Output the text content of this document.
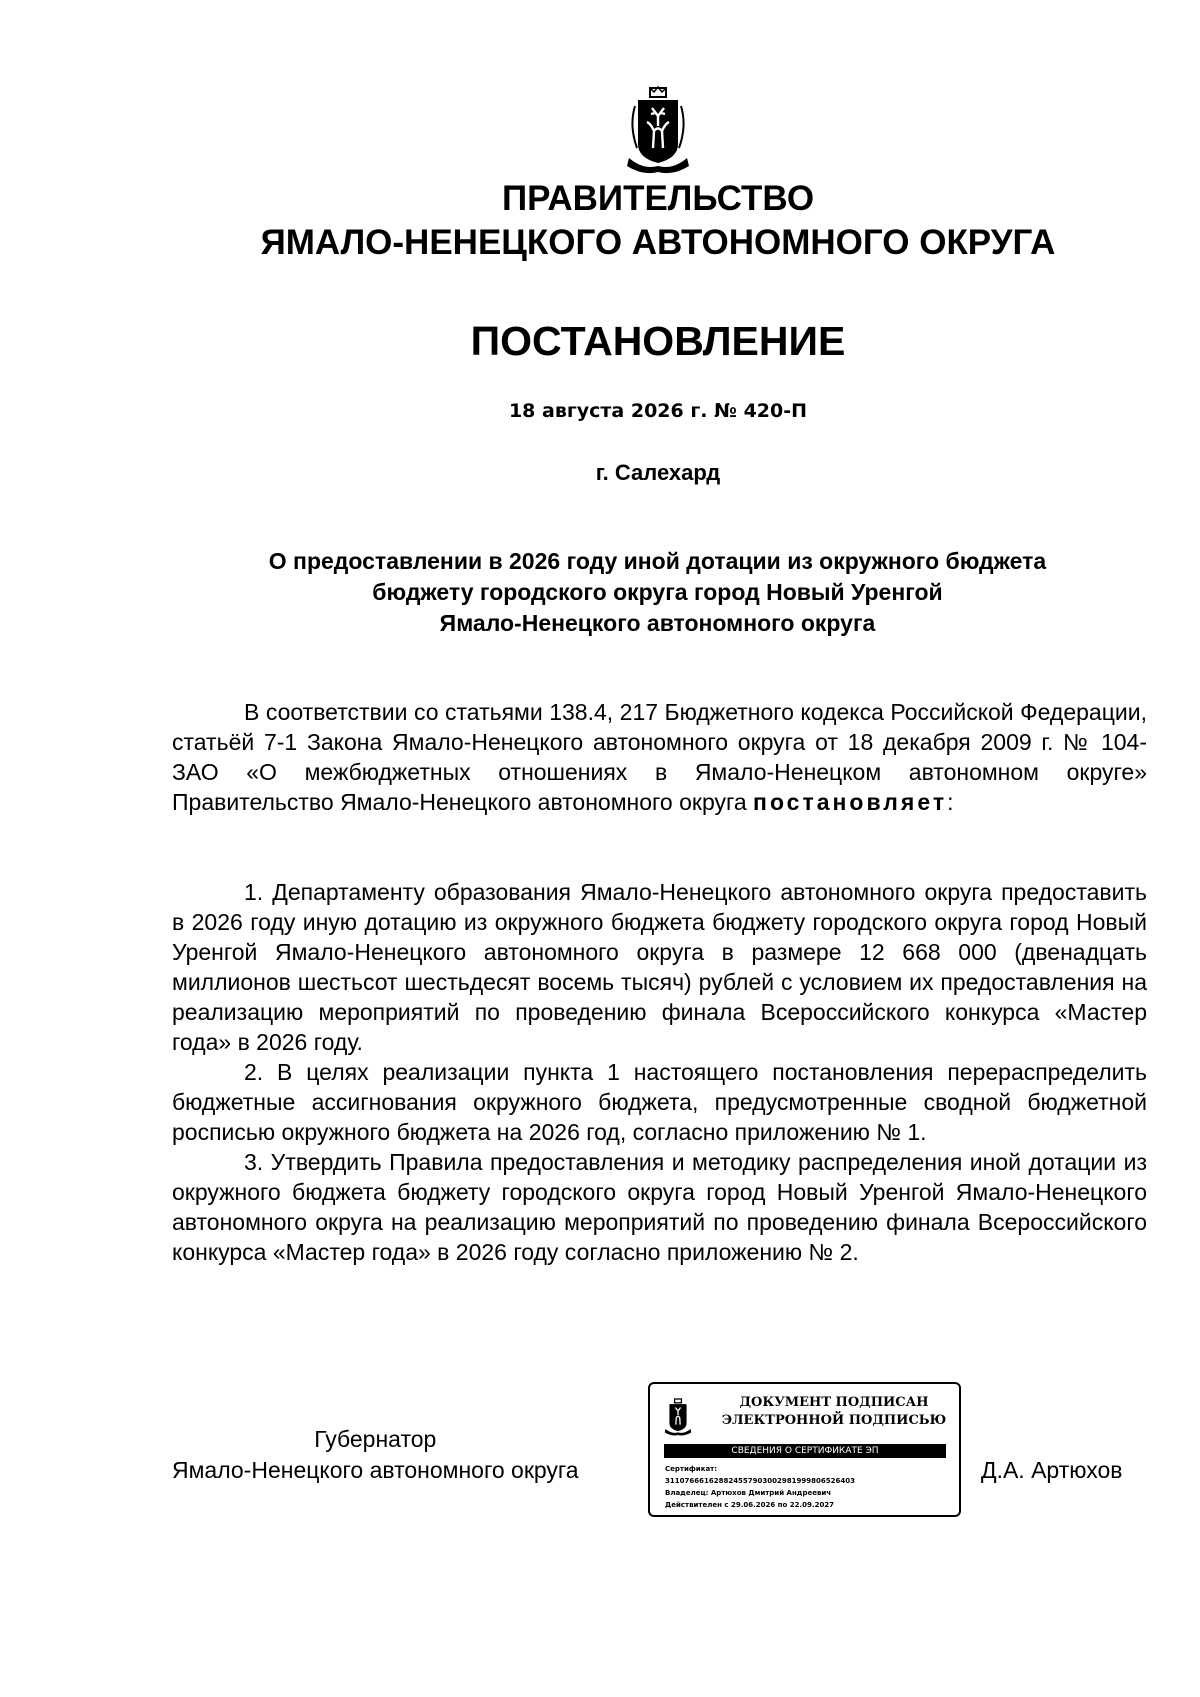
ПРАВИТЕЛЬСТВО
ЯМАЛО-НЕНЕЦКОГО АВТОНОМНОГО ОКРУГА
ПОСТАНОВЛЕНИЕ
18 августа 2026 г. № 420-П
г. Салехард
О предоставлении в 2026 году иной дотации из окружного бюджета
бюджету городского округа город Новый Уренгой
Ямало-Ненецкого автономного округа

В соответствии со статьями 138.4, 217 Бюджетного кодекса Российской Федерации, статьёй 7-1 Закона Ямало-Ненецкого автономного округа от 18 декабря 2009 г. № 104-ЗАО «О межбюджетных отношениях в Ямало-Ненецком автономном округе» Правительство Ямало-Ненецкого автономного округа постановляет:

1. Департаменту образования Ямало-Ненецкого автономного округа предоставить в 2026 году иную дотацию из окружного бюджета бюджету городского округа город Новый Уренгой Ямало-Ненецкого автономного округа в размере 12 668 000 (двенадцать миллионов шестьсот шестьдесят восемь тысяч) рублей с условием их предоставления на реализацию мероприятий по проведению финала Всероссийского конкурса «Мастер года» в 2026 году.

2. В целях реализации пункта 1 настоящего постановления перераспределить бюджетные ассигнования окружного бюджета, предусмотренные сводной бюджетной росписью окружного бюджета на 2026 год, согласно приложению № 1.

3. Утвердить Правила предоставления и методику распределения иной дотации из окружного бюджета бюджету городского округа город Новый Уренгой Ямало-Ненецкого автономного округа на реализацию мероприятий по проведению финала Всероссийского конкурса «Мастер года» в 2026 году согласно приложению № 2.

Губернатор
Ямало-Ненецкого автономного округа
ДОКУМЕНТ ПОДПИСАН
ЭЛЕКТРОННОЙ ПОДПИСЬЮ
СВЕДЕНИЯ О СЕРТИФИКАТЕ ЭП
Сертификат:
311076661628824557903002981999806526403
Владелец: Артюхов Дмитрий Андреевич
Действителен с 29.06.2026 по 22.09.2027
Д.А. Артюхов
